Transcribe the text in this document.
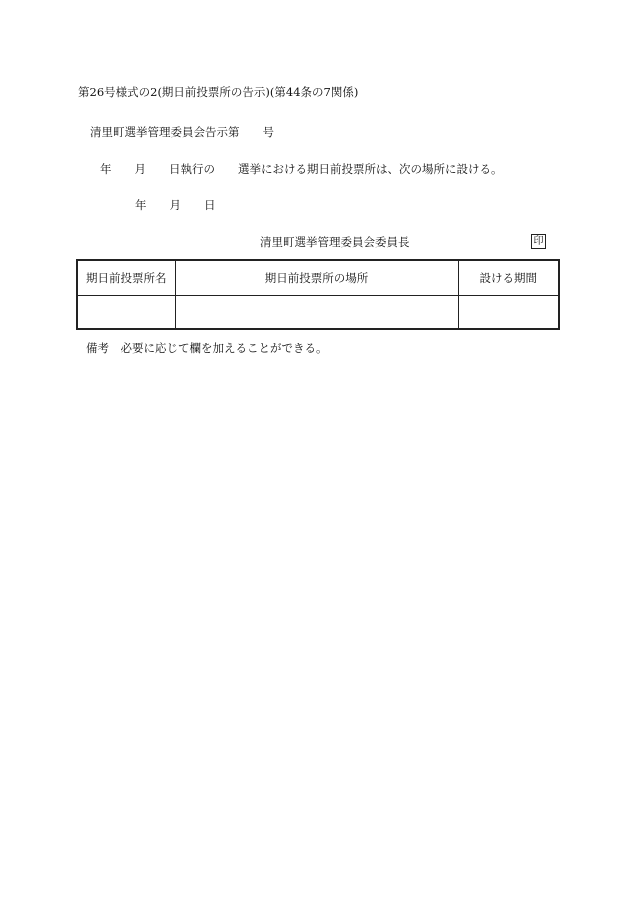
第26号様式の2(期日前投票所の告示)(第44条の7関係)
清里町選挙管理委員会告示第　　号
年　　月　　日執行の　　選挙における期日前投票所は、次の場所に設ける。
年　　月　　日
清里町選挙管理委員会委員長	印
期日前投票所名	期日前投票所の場所	設ける期間

備考　必要に応じて欄を加えることができる。
